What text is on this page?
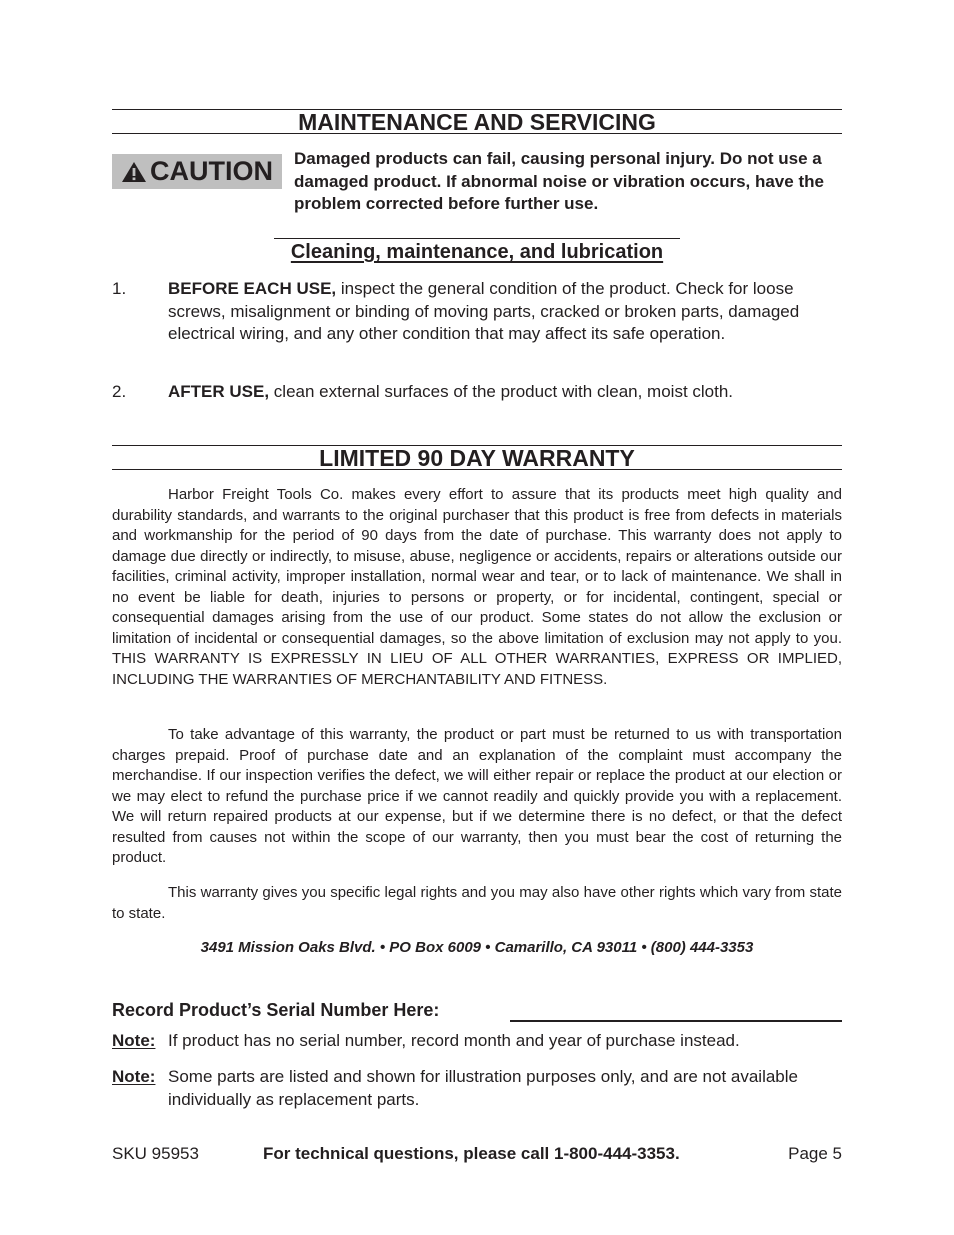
MAINTENANCE AND SERVICING
CAUTION Damaged products can fail, causing personal injury. Do not use a damaged product. If abnormal noise or vibration occurs, have the problem corrected before further use.

Cleaning, maintenance, and lubrication
1. BEFORE EACH USE, inspect the general condition of the product. Check for loose screws, misalignment or binding of moving parts, cracked or broken parts, damaged electrical wiring, and any other condition that may affect its safe operation.
2. AFTER USE, clean external surfaces of the product with clean, moist cloth.
LIMITED 90 DAY WARRANTY

Harbor Freight Tools Co. makes every effort to assure that its products meet high quality and durability standards, and warrants to the original purchaser that this product is free from defects in materials and workmanship for the period of 90 days from the date of purchase. This warranty does not apply to damage due directly or indirectly, to misuse, abuse, negligence or accidents, repairs or alterations outside our facilities, criminal activity, improper installation, normal wear and tear, or to lack of maintenance. We shall in no event be liable for death, injuries to persons or property, or for incidental, contingent, special or consequential damages arising from the use of our product. Some states do not allow the exclusion or limitation of incidental or consequential damages, so the above limitation of exclusion may not apply to you. THIS WARRANTY IS EXPRESSLY IN LIEU OF ALL OTHER WARRANTIES, EXPRESS OR IMPLIED, INCLUDING THE WARRANTIES OF MERCHANTABILITY AND FITNESS.

To take advantage of this warranty, the product or part must be returned to us with transportation charges prepaid. Proof of purchase date and an explanation of the complaint must accompany the merchandise. If our inspection verifies the defect, we will either repair or replace the product at our election or we may elect to refund the purchase price if we cannot readily and quickly provide you with a replacement. We will return repaired products at our expense, but if we determine there is no defect, or that the defect resulted from causes not within the scope of our warranty, then you must bear the cost of returning the product.

This warranty gives you specific legal rights and you may also have other rights which vary from state to state.

3491 Mission Oaks Blvd. • PO Box 6009 • Camarillo, CA 93011 • (800) 444-3353

Record Product’s Serial Number Here:
Note: If product has no serial number, record month and year of purchase instead.
Note: Some parts are listed and shown for illustration purposes only, and are not available individually as replacement parts.
SKU 95953	For technical questions, please call 1-800-444-3353.	Page 5
